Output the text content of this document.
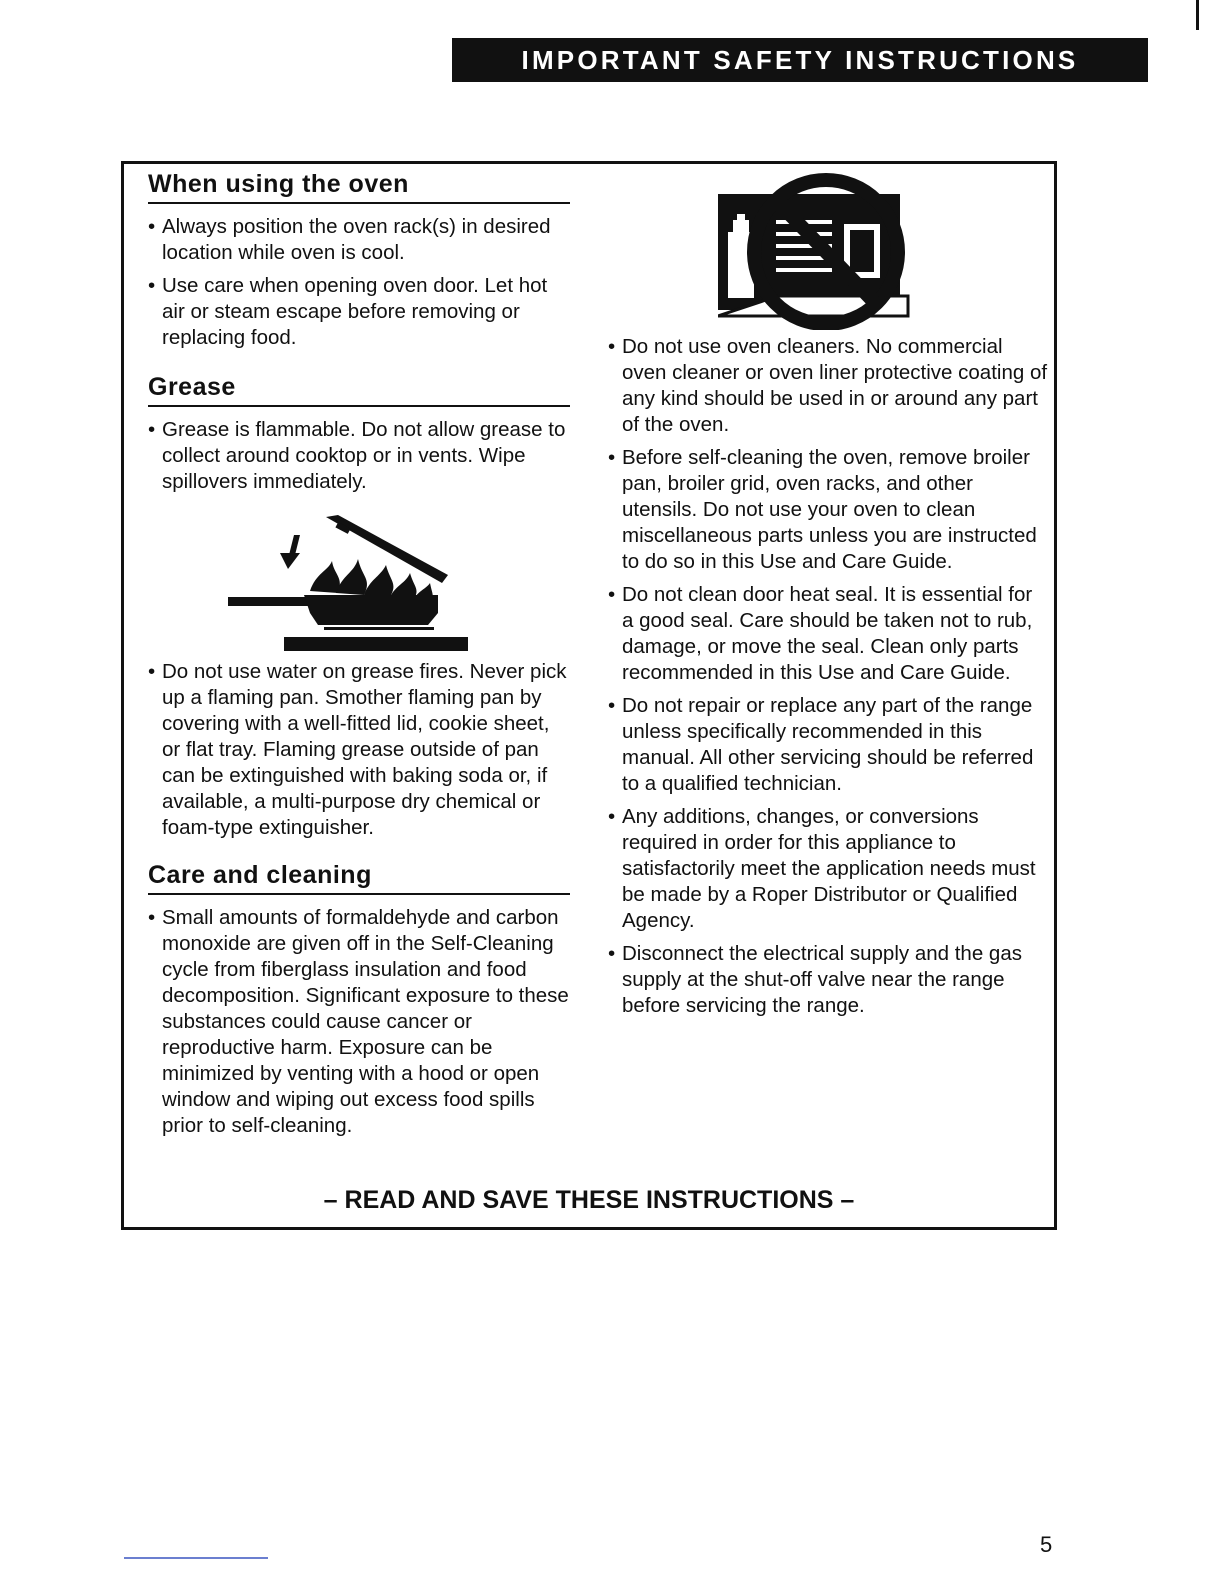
IMPORTANT SAFETY INSTRUCTIONS
When using the oven
• Always position the oven rack(s) in desired location while oven is cool.
• Use care when opening oven door. Let hot air or steam escape before removing or replacing food.
Grease
• Grease is flammable. Do not allow grease to collect around cooktop or in vents. Wipe spillovers immediately.
• Do not use water on grease fires. Never pick up a flaming pan. Smother flaming pan by covering with a well-fitted lid, cookie sheet, or flat tray. Flaming grease outside of pan can be extinguished with baking soda or, if available, a multi-purpose dry chemical or foam-type extinguisher.
Care and cleaning
• Small amounts of formaldehyde and carbon monoxide are given off in the Self-Cleaning cycle from fiberglass insulation and food decomposition. Significant exposure to these substances could cause cancer or reproductive harm. Exposure can be minimized by venting with a hood or open window and wiping out excess food spills prior to self-cleaning.
• Do not use oven cleaners. No commercial oven cleaner or oven liner protective coating of any kind should be used in or around any part of the oven.
• Before self-cleaning the oven, remove broiler pan, broiler grid, oven racks, and other utensils. Do not use your oven to clean miscellaneous parts unless you are instructed to do so in this Use and Care Guide.
• Do not clean door heat seal. It is essential for a good seal. Care should be taken not to rub, damage, or move the seal. Clean only parts recommended in this Use and Care Guide.
• Do not repair or replace any part of the range unless specifically recommended in this manual. All other servicing should be referred to a qualified technician.
• Any additions, changes, or conversions required in order for this appliance to satisfactorily meet the application needs must be made by a Roper Distributor or Qualified Agency.
• Disconnect the electrical supply and the gas supply at the shut-off valve near the range before servicing the range.
– READ AND SAVE THESE INSTRUCTIONS –
5
